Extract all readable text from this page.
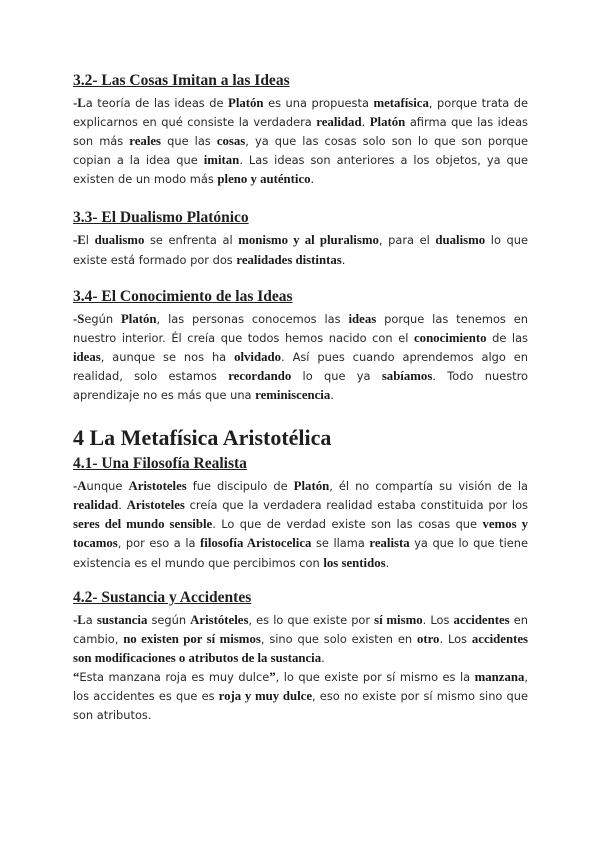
3.2- Las Cosas Imitan a las Ideas

-La teoría de las ideas de Platón es una propuesta metafísica, porque trata de explicarnos en qué consiste la verdadera realidad. Platón afirma que las ideas son más reales que las cosas, ya que las cosas solo son lo que son porque copian a la idea que imitan. Las ideas son anteriores a los objetos, ya que existen de un modo más pleno y auténtico.

3.3- El Dualismo Platónico

-El dualismo se enfrenta al monismo y al pluralismo, para el dualismo lo que existe está formado por dos realidades distintas.

3.4- El Conocimiento de las Ideas

-Según Platón, las personas conocemos las ideas porque las tenemos en nuestro interior. Él creía que todos hemos nacido con el conocimiento de las ideas, aunque se nos ha olvidado. Así pues cuando aprendemos algo en realidad, solo estamos recordando lo que ya sabíamos. Todo nuestro aprendizaje no es más que una reminiscencia.

4 La Metafísica Aristotélica
4.1- Una Filosofía Realista

-Aunque Aristoteles fue discipulo de Platón, él no compartía su visión de la realidad. Aristoteles creía que la verdadera realidad estaba constituida por los seres del mundo sensible. Lo que de verdad existe son las cosas que vemos y tocamos, por eso a la filosofía Aristocelica se llama realista ya que lo que tiene existencia es el mundo que percibimos con los sentidos.

4.2- Sustancia y Accidentes

-La sustancia según Aristóteles, es lo que existe por sí mismo. Los accidentes en cambio, no existen por sí mismos, sino que solo existen en otro. Los accidentes son modificaciones o atributos de la sustancia.

“Esta manzana roja es muy dulce”, lo que existe por sí mismo es la manzana, los accidentes es que es roja y muy dulce, eso no existe por sí mismo sino que son atributos.
